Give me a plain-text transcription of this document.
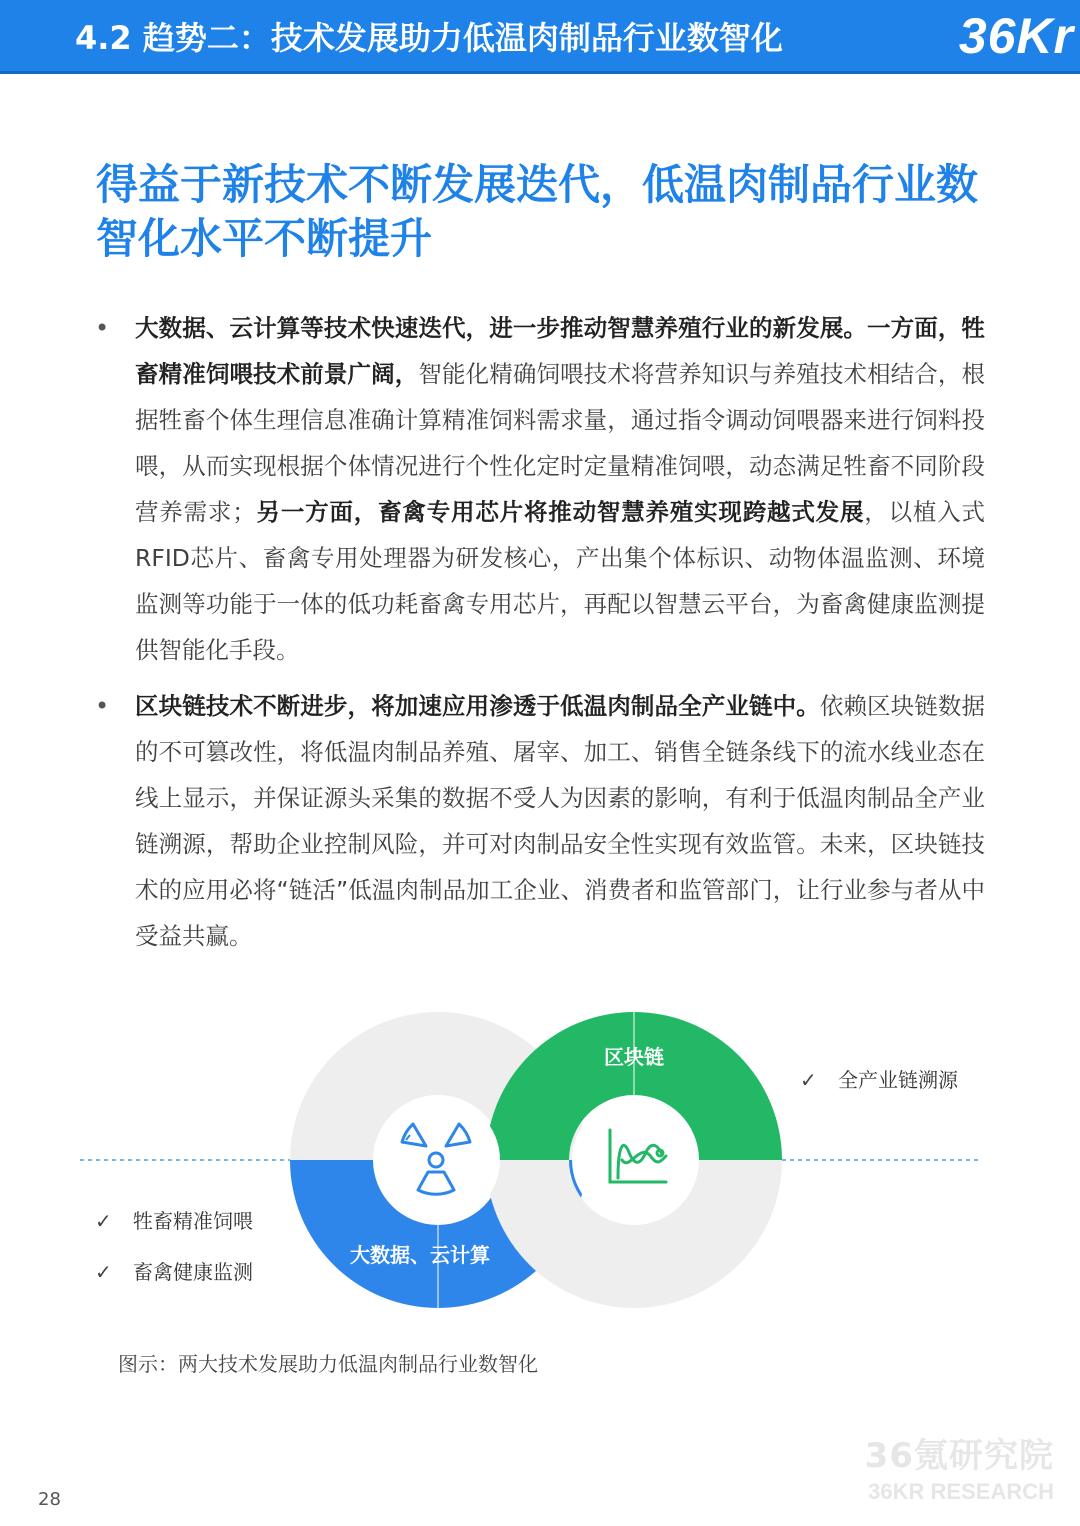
4.2 趋势二：技术发展助力低温肉制品行业数智化	36Kr
得益于新技术不断发展迭代，低温肉制品行业数智化水平不断提升
• 大数据、云计算等技术快速迭代，进一步推动智慧养殖行业的新发展。一方面，牲畜精准饲喂技术前景广阔，智能化精确饲喂技术将营养知识与养殖技术相结合，根据牲畜个体生理信息准确计算精准饲料需求量，通过指令调动饲喂器来进行饲料投喂，从而实现根据个体情况进行个性化定时定量精准饲喂，动态满足牲畜不同阶段营养需求；另一方面，畜禽专用芯片将推动智慧养殖实现跨越式发展，以植入式RFID芯片、畜禽专用处理器为研发核心，产出集个体标识、动物体温监测、环境监测等功能于一体的低功耗畜禽专用芯片，再配以智慧云平台，为畜禽健康监测提供智能化手段。
• 区块链技术不断进步，将加速应用渗透于低温肉制品全产业链中。依赖区块链数据的不可篡改性，将低温肉制品养殖、屠宰、加工、销售全链条线下的流水线业态在线上显示，并保证源头采集的数据不受人为因素的影响，有利于低温肉制品全产业链溯源，帮助企业控制风险，并可对肉制品安全性实现有效监管。未来，区块链技术的应用必将“链活”低温肉制品加工企业、消费者和监管部门，让行业参与者从中受益共赢。
区块链
大数据、云计算
✓ 全产业链溯源
✓ 牲畜精准饲喂
✓ 畜禽健康监测
图示：两大技术发展助力低温肉制品行业数智化
36氪研究院
36KR RESEARCH
28
